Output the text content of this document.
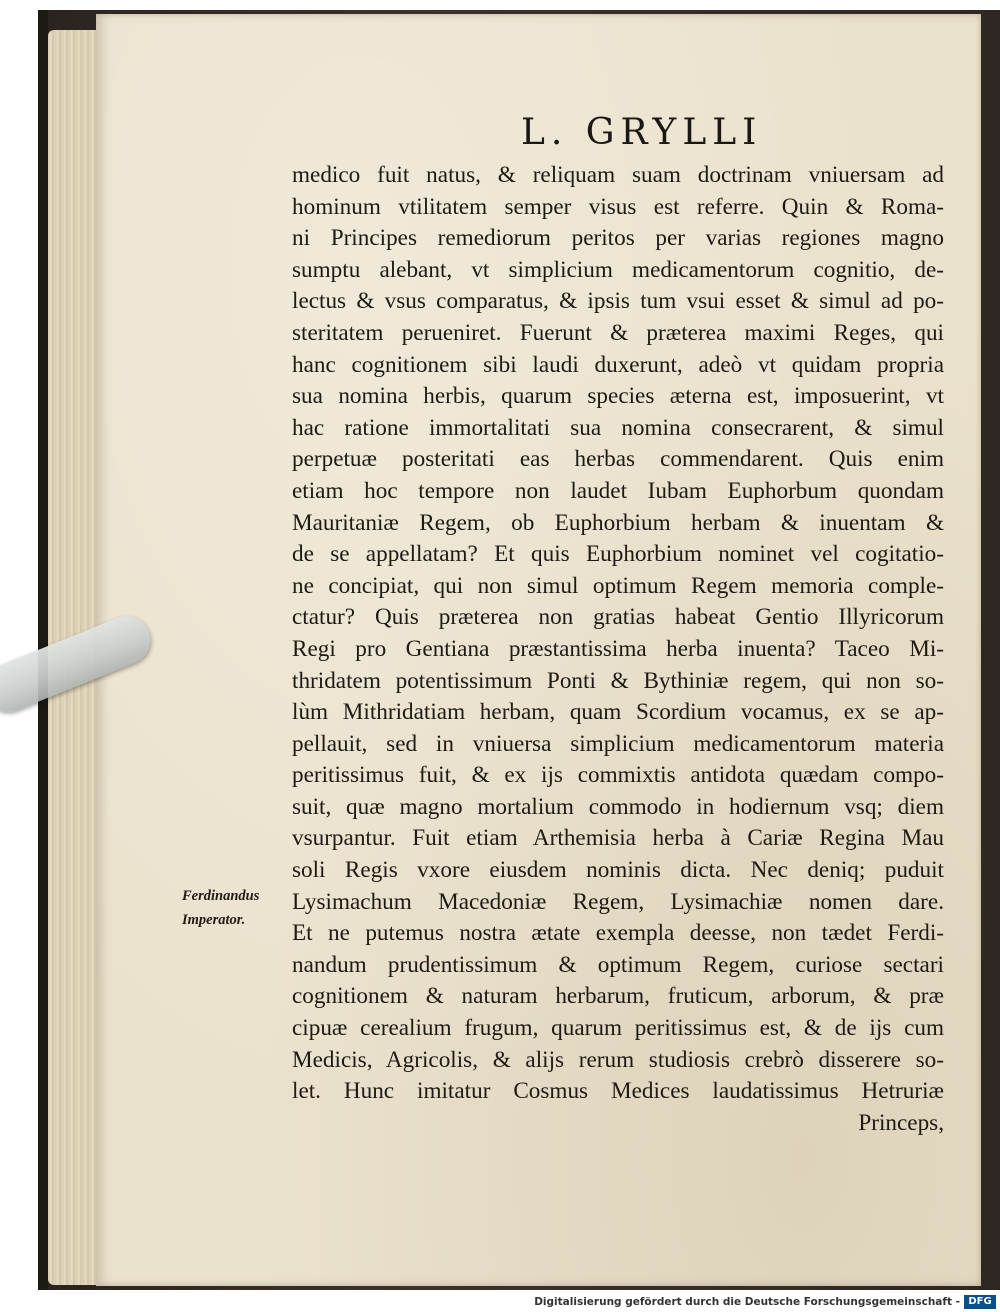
L. GRYLLI
medico fuit natus, & reliquam suam doctrinam vniuersam ad
hominum vtilitatem semper visus est referre. Quin & Roma-
ni Principes remediorum peritos per varias regiones magno
sumptu alebant, vt simplicium medicamentorum cognitio, de-
lectus & vsus comparatus, & ipsis tum vsui esset & simul ad po-
steritatem perueniret. Fuerunt & præterea maximi Reges, qui
hanc cognitionem sibi laudi duxerunt, adeò vt quidam propria
sua nomina herbis, quarum species æterna est, imposuerint, vt
hac ratione immortalitati sua nomina consecrarent, & simul
perpetuæ posteritati eas herbas commendarent. Quis enim
etiam hoc tempore non laudet Iubam Euphorbum quondam
Mauritaniæ Regem, ob Euphorbium herbam & inuentam &
de se appellatam? Et quis Euphorbium nominet vel cogitatio-
ne concipiat, qui non simul optimum Regem memoria comple-
ctatur? Quis præterea non gratias habeat Gentio Illyricorum
Regi pro Gentiana præstantissima herba inuenta? Taceo Mi-
thridatem potentissimum Ponti & Bythiniæ regem, qui non so-
lùm Mithridatiam herbam, quam Scordium vocamus, ex se ap-
pellauit, sed in vniuersa simplicium medicamentorum materia
peritissimus fuit, & ex ijs commixtis antidota quædam compo-
suit, quæ magno mortalium commodo in hodiernum vsq; diem
vsurpantur. Fuit etiam Arthemisia herba à Cariæ Regina Mau
soli Regis vxore eiusdem nominis dicta. Nec deniq; puduit
Lysimachum Macedoniæ Regem, Lysimachiæ nomen dare.
Et ne putemus nostra ætate exempla deesse, non tædet Ferdi-
nandum prudentissimum & optimum Regem, curiose sectari
cognitionem & naturam herbarum, fruticum, arborum, & præ
cipuæ cerealium frugum, quarum peritissimus est, & de ijs cum
Medicis, Agricolis, & alijs rerum studiosis crebrò disserere so-
let. Hunc imitatur Cosmus Medices laudatissimus Hetruriæ
Princeps,
Ferdinandus
Imperator.
Digitalisierung gefördert durch die Deutsche Forschungsgemeinschaft - DFG
